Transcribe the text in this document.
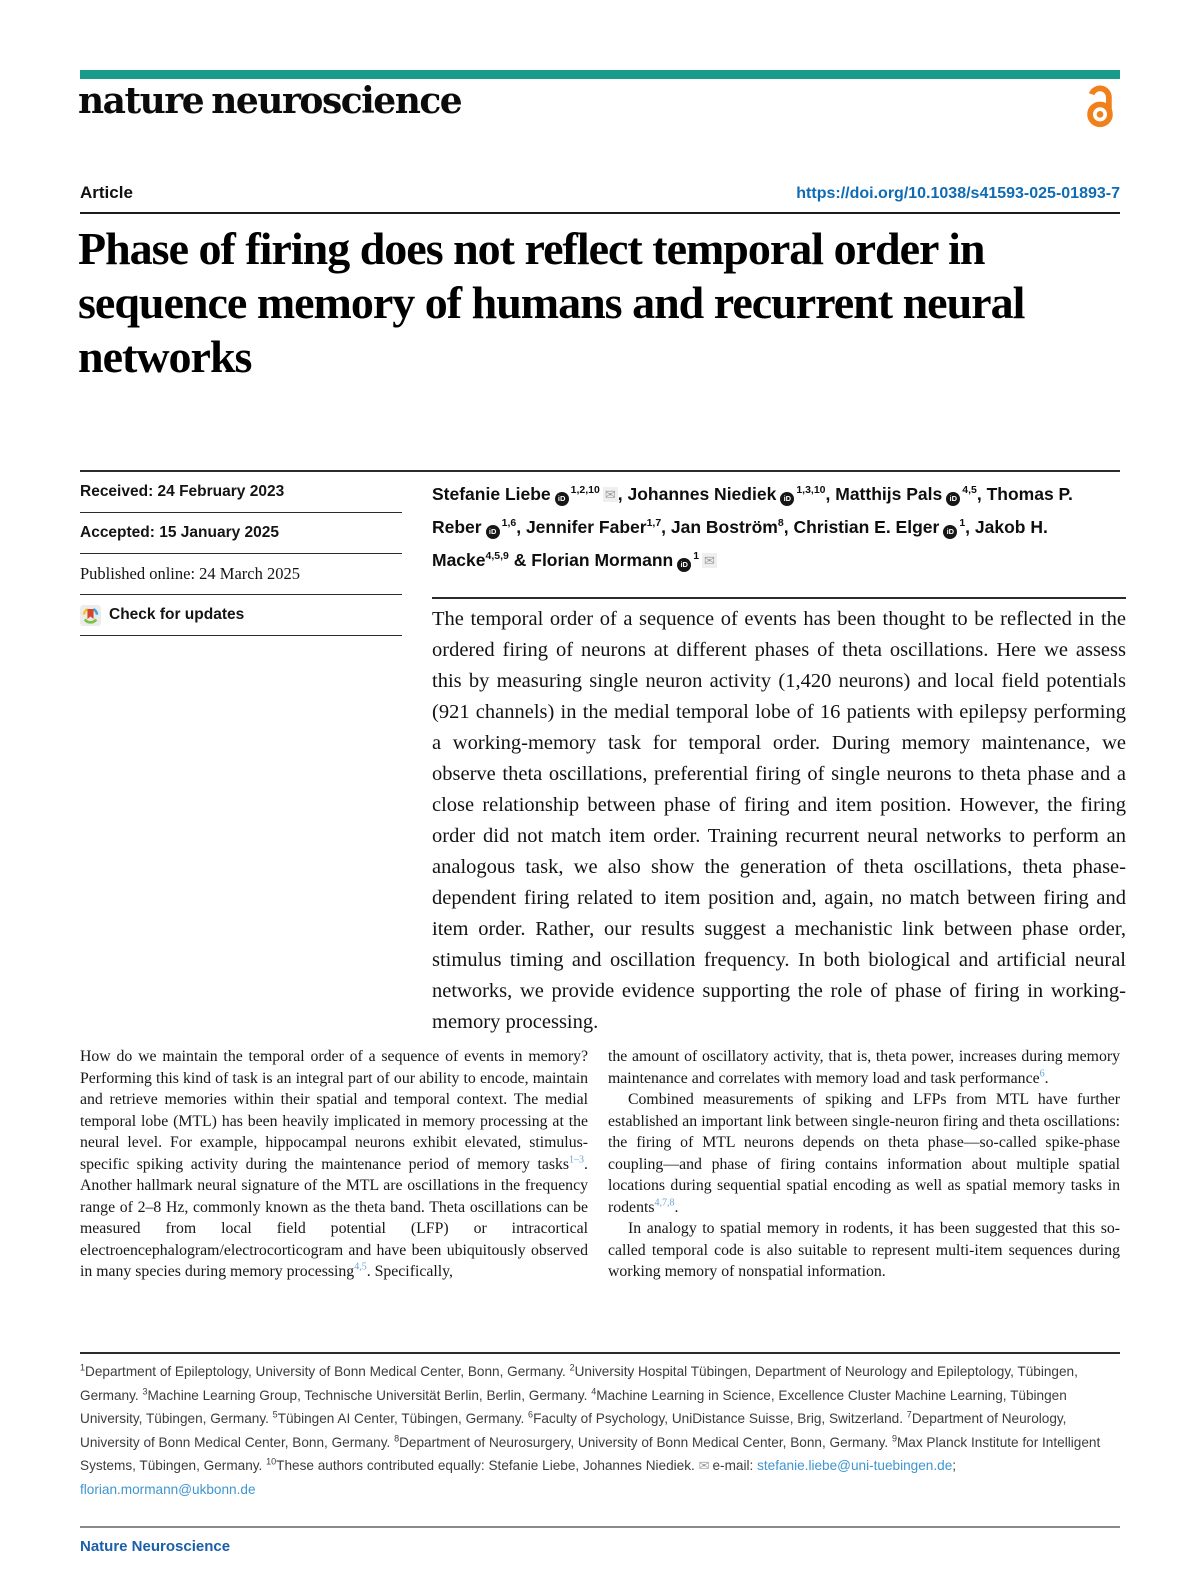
nature neuroscience
Article	https://doi.org/10.1038/s41593-025-01893-7
Phase of firing does not reflect temporal order in sequence memory of humans and recurrent neural networks
Received: 24 February 2023
Accepted: 15 January 2025
Published online: 24 March 2025
Check for updates
Stefanie Liebe iD$^{1,2,10}$ ✉ , Johannes Niediek iD$^{1,3,10}$, Matthijs Pals iD$^{4,5}$, Thomas P. Reber iD$^{1,6}$, Jennifer Faber$^{1,7}$, Jan Boström$^8$, Christian E. Elger $iD^1$, Jakob H. Macke$^{4,5,9}$ & Florian Mormann $iD^1$ ✉

The temporal order of a sequence of events has been thought to be reflected in the ordered firing of neurons at different phases of theta oscillations. Here we assess this by measuring single neuron activity (1,420 neurons) and local field potentials (921 channels) in the medial temporal lobe of 16 patients with epilepsy performing a working-memory task for temporal order. During memory maintenance, we observe theta oscillations, preferential firing of single neurons to theta phase and a close relationship between phase of firing and item position. However, the firing order did not match item order. Training recurrent neural networks to perform an analogous task, we also show the generation of theta oscillations, theta phase-dependent firing related to item position and, again, no match between firing and item order. Rather, our results suggest a mechanistic link between phase order, stimulus timing and oscillation frequency. In both biological and artificial neural networks, we provide evidence supporting the role of phase of firing in working-memory processing.

How do we maintain the temporal order of a sequence of events in memory? Performing this kind of task is an integral part of our ability to encode, maintain and retrieve memories within their spatial and temporal context. The medial temporal lobe (MTL) has been heavily implicated in memory processing at the neural level. For example, hippocampal neurons exhibit elevated, stimulus-specific spiking activity during the maintenance period of memory tasks$^{1-3}$. Another hallmark neural signature of the MTL are oscillations in the frequency range of 2–8 Hz, commonly known as the theta band. Theta oscillations can be measured from local field potential (LFP) or intracortical electroencephalogram/electrocorticogram and have been ubiquitously observed in many species during memory processing$^{4,5}$. Specifically,

the amount of oscillatory activity, that is, theta power, increases during memory maintenance and correlates with memory load and task performance$^6$.

Combined measurements of spiking and LFPs from MTL have further established an important link between single-neuron firing and theta oscillations: the firing of MTL neurons depends on theta phase—so-called spike-phase coupling—and phase of firing contains information about multiple spatial locations during sequential spatial encoding as well as spatial memory tasks in rodents$^{4,7,8}$.

In analogy to spatial memory in rodents, it has been suggested that this so-called temporal code is also suitable to represent multi-item sequences during working memory of nonspatial information.

$^1$Department of Epileptology, University of Bonn Medical Center, Bonn, Germany. $^2$University Hospital Tübingen, Department of Neurology and Epileptology, Tübingen, Germany. $^3$Machine Learning Group, Technische Universität Berlin, Berlin, Germany. $^4$Machine Learning in Science, Excellence Cluster Machine Learning, Tübingen University, Tübingen, Germany. $^5$Tübingen AI Center, Tübingen, Germany. $^6$Faculty of Psychology, UniDistance Suisse, Brig, Switzerland. $^7$Department of Neurology, University of Bonn Medical Center, Bonn, Germany. $^8$Department of Neurosurgery, University of Bonn Medical Center, Bonn, Germany. $^9$Max Planck Institute for Intelligent Systems, Tübingen, Germany. $^{10}$These authors contributed equally: Stefanie Liebe, Johannes Niediek. ✉ e-mail: stefanie.liebe@uni-tuebingen.de; florian.mormann@ukbonn.de

Nature Neuroscience
